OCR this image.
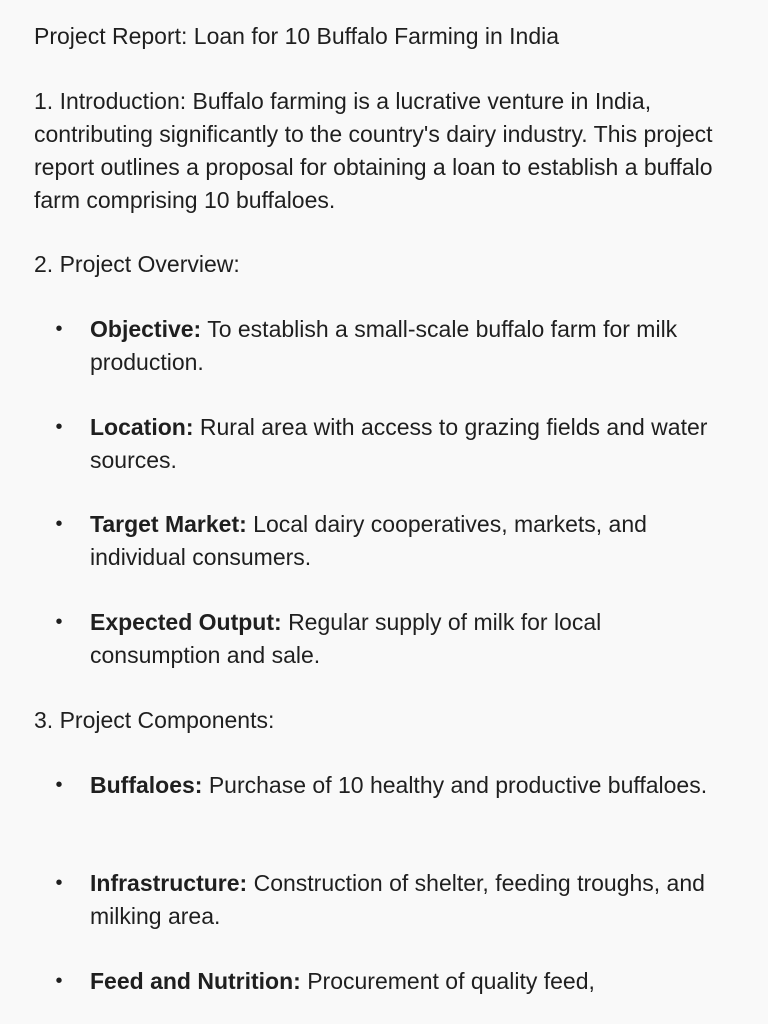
Project Report: Loan for 10 Buffalo Farming in India
1. Introduction: Buffalo farming is a lucrative venture in India, contributing significantly to the country's dairy industry. This project report outlines a proposal for obtaining a loan to establish a buffalo farm comprising 10 buffaloes.
2. Project Overview:
• Objective: To establish a small-scale buffalo farm for milk production.
• Location: Rural area with access to grazing fields and water sources.
• Target Market: Local dairy cooperatives, markets, and individual consumers.
• Expected Output: Regular supply of milk for local consumption and sale.
3. Project Components:
• Buffaloes: Purchase of 10 healthy and productive buffaloes.
• Infrastructure: Construction of shelter, feeding troughs, and milking area.
• Feed and Nutrition: Procurement of quality feed,
